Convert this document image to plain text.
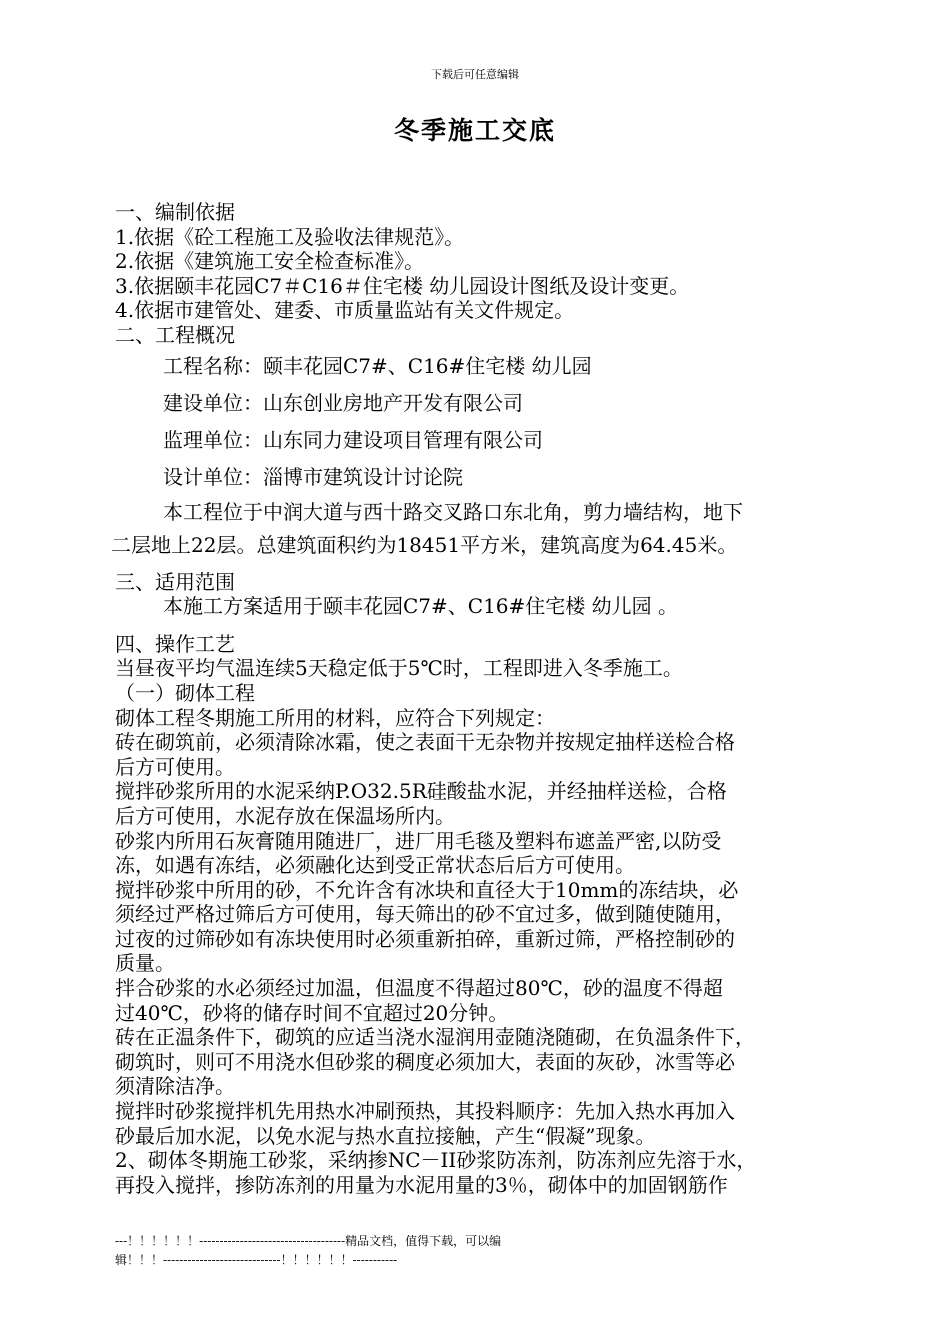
下载后可任意编辑
冬季施工交底
一、编制依据
1.依据《砼工程施工及验收法律规范》。
2.依据《建筑施工安全检查标准》。
3.依据颐丰花园C7＃C16＃住宅楼 幼儿园设计图纸及设计变更。
4.依据市建管处、建委、市质量监站有关文件规定。
二、工程概况
工程名称：颐丰花园C7#、C16#住宅楼 幼儿园
建设单位：山东创业房地产开发有限公司
监理单位：山东同力建设项目管理有限公司
设计单位：淄博市建筑设计讨论院
本工程位于中润大道与西十路交叉路口东北角，剪力墙结构，地下
二层地上22层。总建筑面积约为18451平方米，建筑高度为64.45米。
三、适用范围
本施工方案适用于颐丰花园C7#、C16#住宅楼 幼儿园 。
四、操作工艺
当昼夜平均气温连续5天稳定低于5℃时，工程即进入冬季施工。
（一）砌体工程
砌体工程冬期施工所用的材料，应符合下列规定：
砖在砌筑前，必须清除冰霜，使之表面干无杂物并按规定抽样送检合格
后方可使用。
搅拌砂浆所用的水泥采纳P.O32.5R硅酸盐水泥，并经抽样送检，合格
后方可使用，水泥存放在保温场所内。
砂浆内所用石灰膏随用随进厂，进厂用毛毯及塑料布遮盖严密,以防受
冻，如遇有冻结，必须融化达到受正常状态后后方可使用。
搅拌砂浆中所用的砂，不允许含有冰块和直径大于10mm的冻结块，必
须经过严格过筛后方可使用，每天筛出的砂不宜过多，做到随使随用，
过夜的过筛砂如有冻块使用时必须重新拍碎，重新过筛，严格控制砂的
质量。
拌合砂浆的水必须经过加温，但温度不得超过80℃，砂的温度不得超
过40℃，砂将的储存时间不宜超过20分钟。
砖在正温条件下，砌筑的应适当浇水湿润用壶随浇随砌，在负温条件下，
砌筑时，则可不用浇水但砂浆的稠度必须加大，表面的灰砂，冰雪等必
须清除洁净。
搅拌时砂浆搅拌机先用热水冲刷预热，其投料顺序：先加入热水再加入
砂最后加水泥，以免水泥与热水直拉接触，产生“假凝”现象。
2、砌体冬期施工砂浆，采纳掺NC－II砂浆防冻剂，防冻剂应先溶于水，
再投入搅拌，掺防冻剂的用量为水泥用量的3％，砌体中的加固钢筋作
---！！！！！！------------------------------------精品文档，值得下载，可以编
辑！！！-----------------------------！！！！！！-----------
